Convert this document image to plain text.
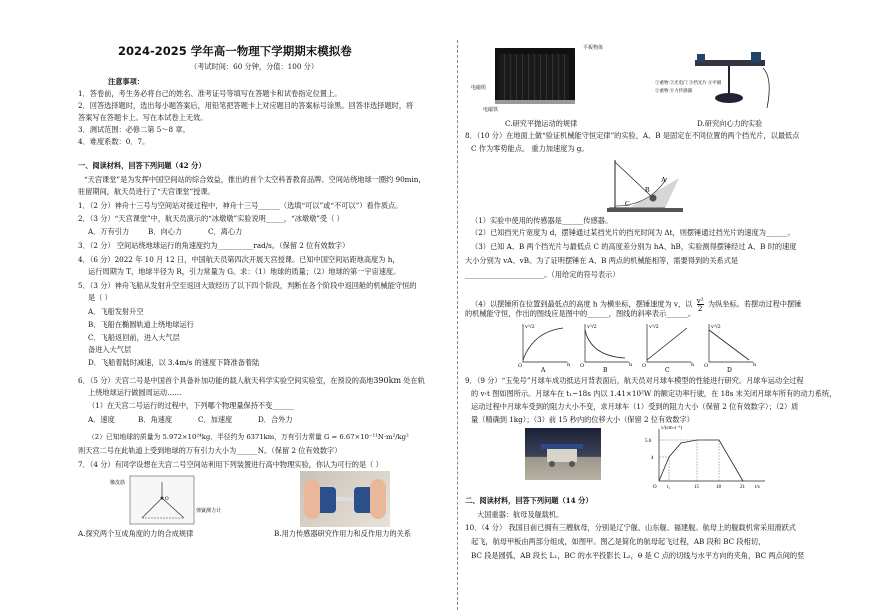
2024-2025 学年高一物理下学期期末模拟卷
（考试时间：60 分钟，分值：100 分）
注意事项：
1．答卷前，考生务必将自己的姓名、准考证号等填写在答题卡和试卷指定位置上。
2．回答选择题时，选出每小题答案后，用铅笔把答题卡上对应题目的答案标号涂黑。回答非选择题时，将
答案写在答题卡上。写在本试卷上无效。
3．测试范围：必修二第 5～8 章。
4．难度系数：0．7。
一、阅读材料，回答下列问题（42 分）
“天宫课堂”是为发挥中国空间站的综合效益，推出的首个太空科普教育品牌。空间站绕地球一圈约 90min，
驻留期间，航天员进行了“天宫课堂”授课。
1．（2 分）神舟十三号与空间站对接过程中，神舟十三号______（选填“可以”或“不可以”）看作质点。
2．（3 分）“天宫课堂”中，航天员演示的“冰墩墩”实验说明_____，“冰墩墩”受（ ）
A．万有引力	B．向心力	C．离心力
3．（2 分） 空间站绕地球运行的角速度约为__________rad/s。（保留 2 位有效数字）
4．（6 分）2022 年 10 月 12 日，中国航天员第四次开展天宫授课。已知中国空间站距地高度为 h，
运行周期为 T，地球半径为 R，引力常量为 G。求：（1）地球的质量；（2）地球的第一宇宙速度。
5．（3 分）神舟飞船从发射升空至返回大致经历了以下四个阶段，判断在各个阶段中返回舱的机械能守恒的
是（ ）
A．飞船发射升空
B．飞船在椭圆轨道上绕地球运行
C．飞船返回前，进入大气层
备进入大气层
D．飞船着陆时减速，以 3.4m/s 的速度下降准备着陆
6．（5 分）天宫二号是中国首个具备补加功能的载人航天科学实验空间实验室，在预设的高地390km 处在轨
上绕地球运行做圆周运动……
（1）在天宫二号运行的过程中，下列哪个物理量保持不变______
A．速度	B．角速度	C．加速度	D．合外力
（2）已知地球的质量为 5.972×10²⁴kg、半径约为 6371km，万有引力常量 G = 6.67×10⁻¹¹N·m²/kg²
则天宫二号在此轨道上受到地球的万有引力大小为______N。（保留 2 位有效数字）
7．（4 分）有同学设想在天宫二号空间站利用下列装置进行高中物理实验，你认为可行的是（ ）
橡皮筋
O
弹簧测力计
A.探究两个互成角度的力的合成规律	B.用力传感器研究作用力和反作用力的关系
平板物体
电磁组
电磁铁
C.研究平抛运动的规律
①重物 ②光电门 ③挡光片 ④平板
⑤重物 ⑥力传感器
D.研究向心力的实验
8．（10 分）在地面上做“验证机械能守恒定律”的实验，A、B 是固定在不同位置的两个挡光片，以最低点
C 作为零势能点。 重力加速度为 g。
A
B
C
（1）实验中使用的传感器是______传感器。
（2）已知挡光片宽度为 d，摆锤通过某挡光片的挡光时间为 Δt，则摆锤通过挡光片的速度为______。
（3）已知 A、B 两个挡光片与最低点 C 的高度差分别为 hA、hB，实验测得摆锤经过 A、B 时的速度
大小分别为 vA、vB。为了证明摆锤在 A、B 两点的机械能相等，需要得到的关系式是
______________________。（用给定的符号表示）
（4）以摆锤所在位置到最低点的高度 h 为横坐标，摆锤速度为 v，以 $\frac{\text{v²}}{2}$ 为纵坐标。若摆动过程中摆锤
的机械能守恒，作出的图线应是图中的______，图线的斜率表示______。
v²/2
h
O
A
v²/2
h
O
B
v²/2
h
O
C
v²/2
h
O
D
9．（9 分）“玉兔号”月球车成功抵达月背表面后，航天员对月球车模型的性能进行研究。月球车运动全过程
的 v-t 图如图所示。月球车在 t₁~18s 内以 1.41×10²W 的额定功率行驶，在 18s 末关闭月球车所有的动力系统，
运动过程中月球车受到的阻力大小不变，求月球车（1）受到的阻力大小（保留 2 位有效数字）；（2）质
量（精确到 1kg）；（3）前 15 秒内的位移大小（保留 2 位有效数字）
v/(cm·s⁻¹)
t/s
5.6
4
O t₁	15	18	21
二、阅读材料，回答下列问题（14 分）
大国重器：航母及舰载机。
10．（4 分） 我国目前已拥有三艘航母，分别是辽宁舰、山东舰、福建舰。航母上的舰载机常采用滑跃式
起飞，航母甲板由两部分组成，如图甲。图乙是简化的航母起飞过程，AB 段和 BC 段相切，
BC 段是圆弧，AB 段长 L₁，BC 的水平投影长 L₂，θ 是 C 点的切线与水平方向的夹角，BC 两点间的竖
